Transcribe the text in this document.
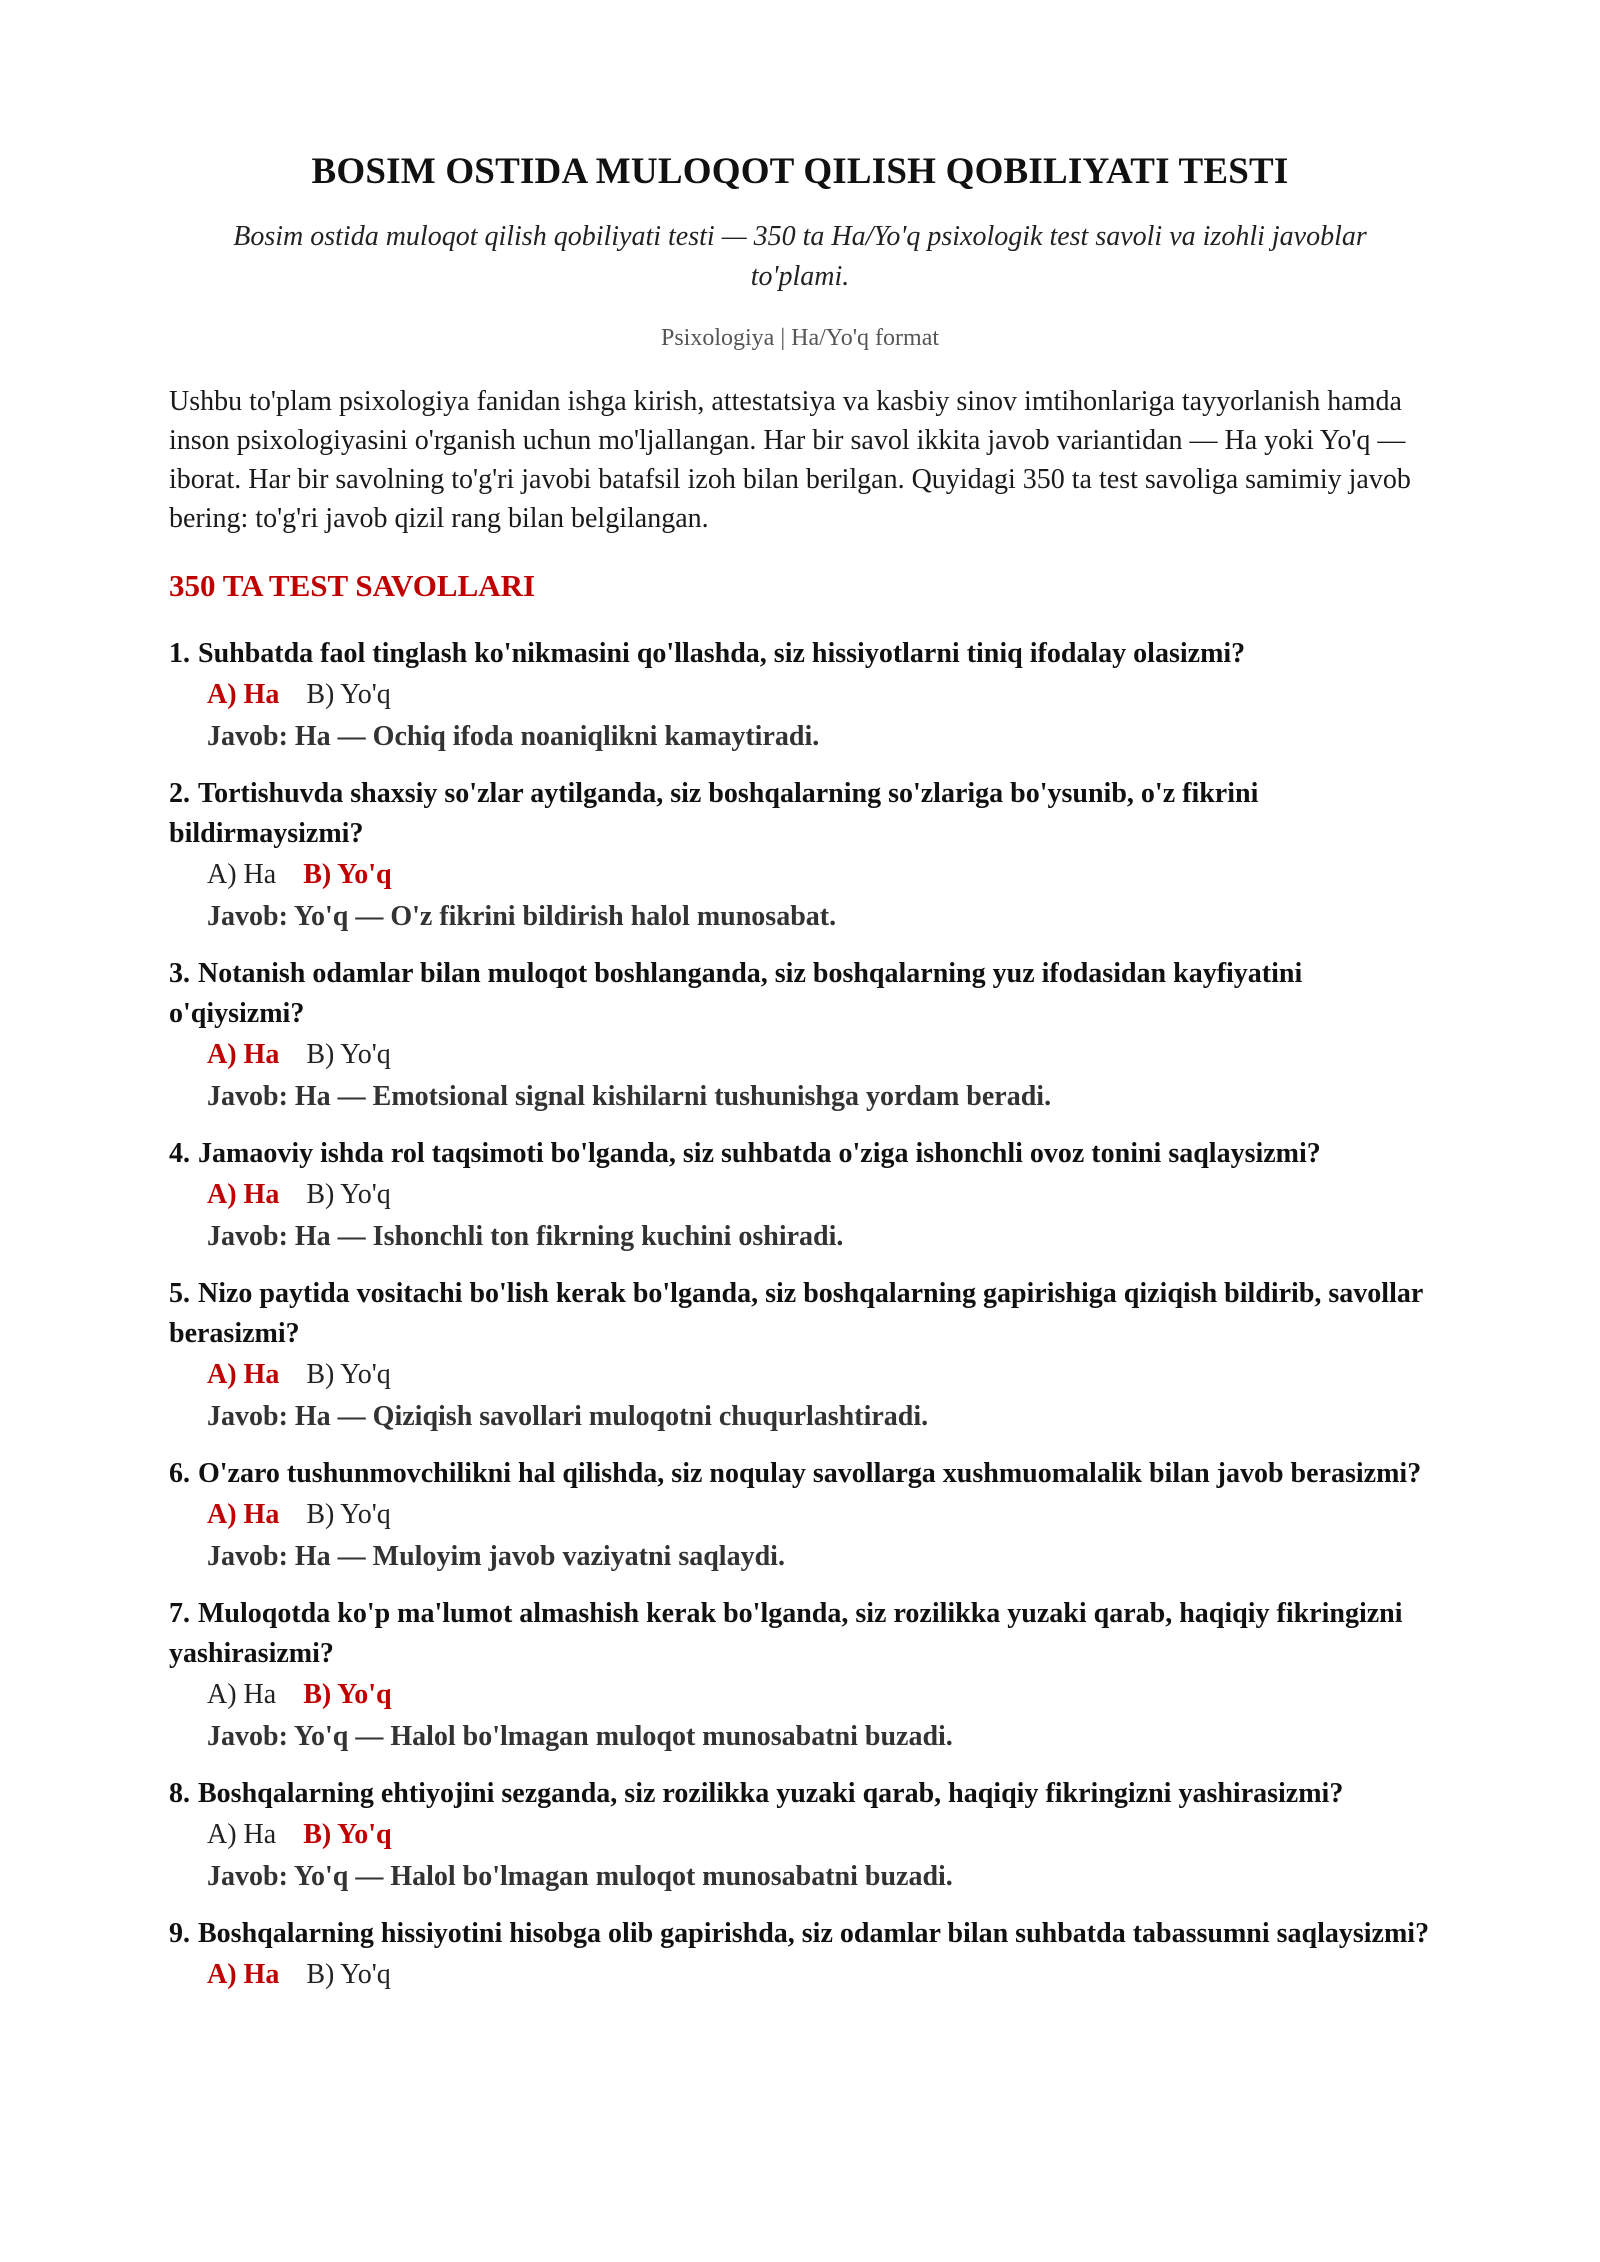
BOSIM OSTIDA MULOQOT QILISH QOBILIYATI TESTI
Bosim ostida muloqot qilish qobiliyati testi — 350 ta Ha/Yo'q psixologik test savoli va izohli javoblar to'plami.
Psixologiya | Ha/Yo'q format
Ushbu to'plam psixologiya fanidan ishga kirish, attestatsiya va kasbiy sinov imtihonlariga tayyorlanish hamda inson psixologiyasini o'rganish uchun mo'ljallangan. Har bir savol ikkita javob variantidan — Ha yoki Yo'q — iborat. Har bir savolning to'g'ri javobi batafsil izoh bilan berilgan. Quyidagi 350 ta test savoliga samimiy javob bering: to'g'ri javob qizil rang bilan belgilangan.
350 TA TEST SAVOLLARI
1. Suhbatda faol tinglash ko'nikmasini qo'llashda, siz hissiyotlarni tiniq ifodalay olasizmi?
A) Ha B) Yo'q
Javob: Ha — Ochiq ifoda noaniqlikni kamaytiradi.
2. Tortishuvda shaxsiy so'zlar aytilganda, siz boshqalarning so'zlariga bo'ysunib, o'z fikrini bildirmaysizmi?
A) Ha B) Yo'q
Javob: Yo'q — O'z fikrini bildirish halol munosabat.
3. Notanish odamlar bilan muloqot boshlanganda, siz boshqalarning yuz ifodasidan kayfiyatini o'qiysizmi?
A) Ha B) Yo'q
Javob: Ha — Emotsional signal kishilarni tushunishga yordam beradi.
4. Jamaoviy ishda rol taqsimoti bo'lganda, siz suhbatda o'ziga ishonchli ovoz tonini saqlaysizmi?
A) Ha B) Yo'q
Javob: Ha — Ishonchli ton fikrning kuchini oshiradi.
5. Nizo paytida vositachi bo'lish kerak bo'lganda, siz boshqalarning gapirishiga qiziqish bildirib, savollar berasizmi?
A) Ha B) Yo'q
Javob: Ha — Qiziqish savollari muloqotni chuqurlashtiradi.
6. O'zaro tushunmovchilikni hal qilishda, siz noqulay savollarga xushmuomalalik bilan javob berasizmi?
A) Ha B) Yo'q
Javob: Ha — Muloyim javob vaziyatni saqlaydi.
7. Muloqotda ko'p ma'lumot almashish kerak bo'lganda, siz rozilikka yuzaki qarab, haqiqiy fikringizni yashirasizmi?
A) Ha B) Yo'q
Javob: Yo'q — Halol bo'lmagan muloqot munosabatni buzadi.
8. Boshqalarning ehtiyojini sezganda, siz rozilikka yuzaki qarab, haqiqiy fikringizni yashirasizmi?
A) Ha B) Yo'q
Javob: Yo'q — Halol bo'lmagan muloqot munosabatni buzadi.
9. Boshqalarning hissiyotini hisobga olib gapirishda, siz odamlar bilan suhbatda tabassumni saqlaysizmi?
A) Ha B) Yo'q
